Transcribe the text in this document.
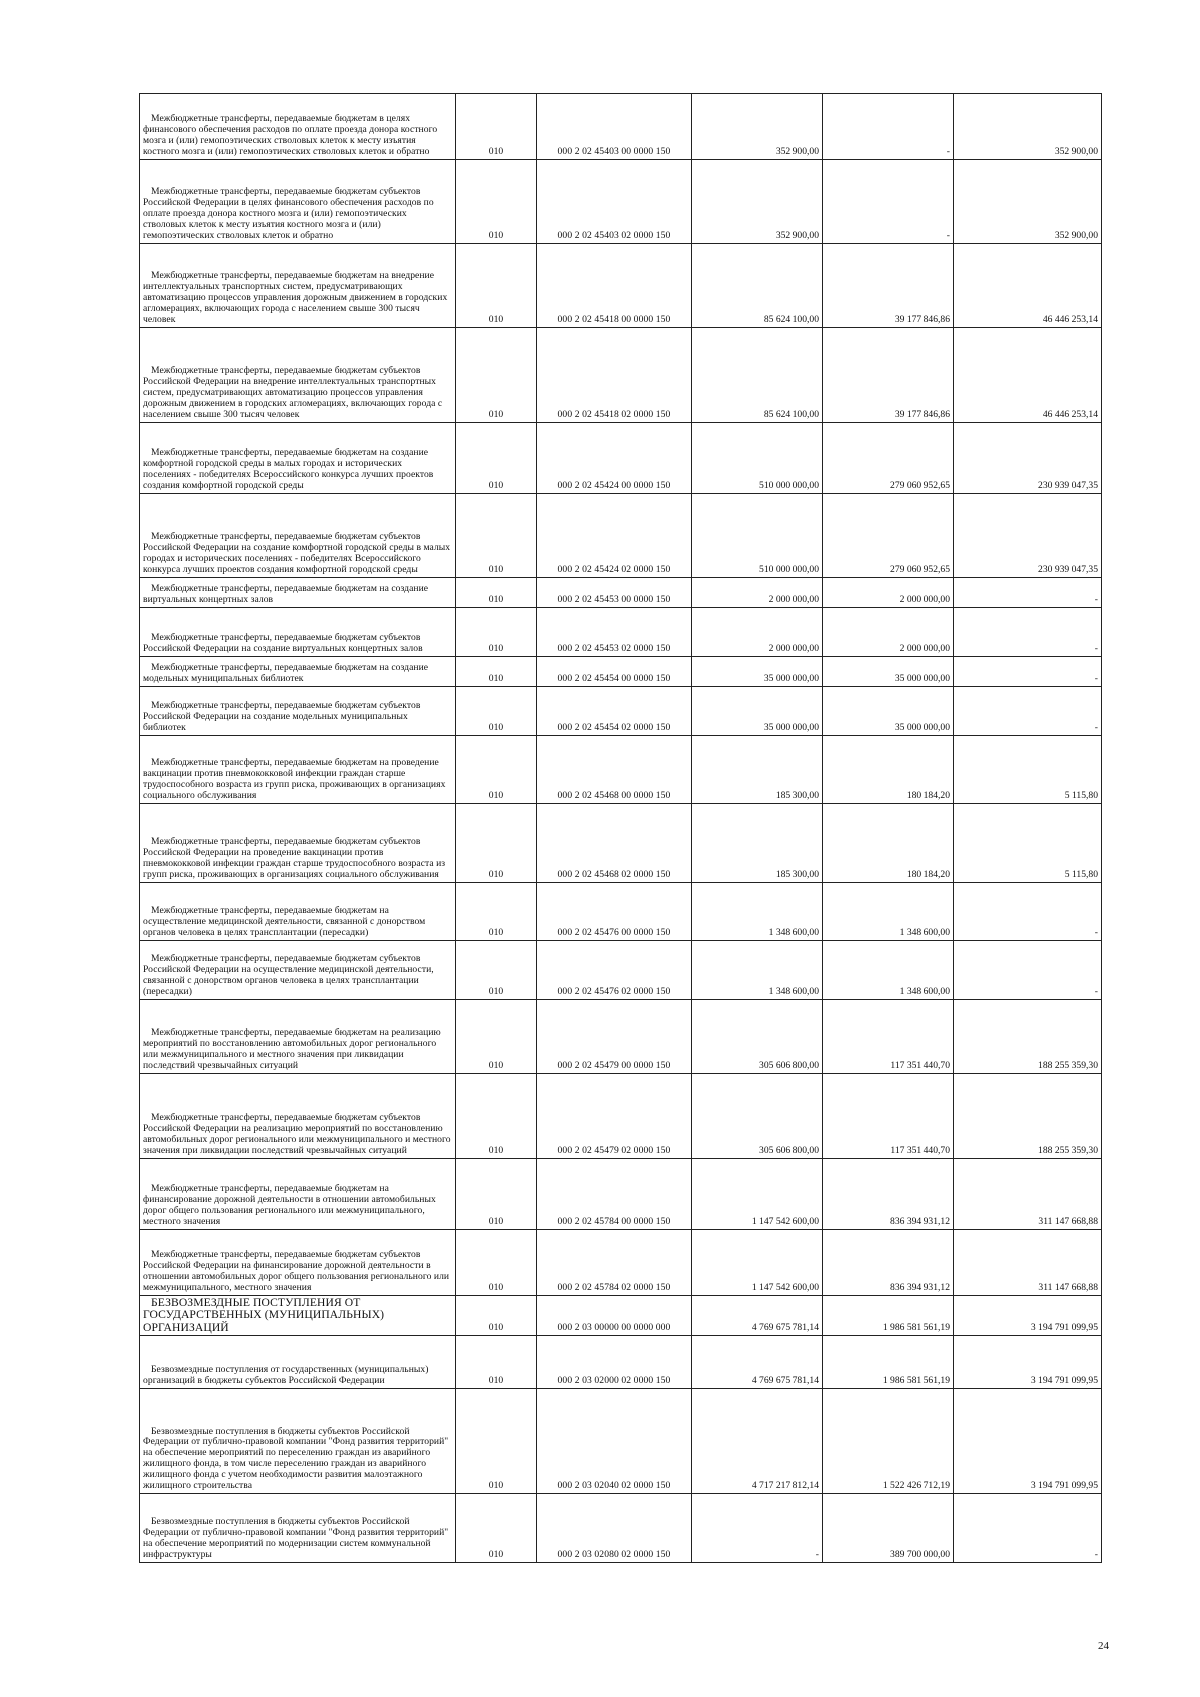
Межбюджетные трансферты, передаваемые бюджетам в целях финансового обеспечения расходов по оплате проезда донора костного мозга и (или) гемопоэтических стволовых клеток к месту изъятия костного мозга и (или) гемопоэтических стволовых клеток и обратно	010	000 2 02 45403 00 0000 150	352 900,00	-	352 900,00
Межбюджетные трансферты, передаваемые бюджетам субъектов Российской Федерации в целях финансового обеспечения расходов по оплате проезда донора костного мозга и (или) гемопоэтических стволовых клеток к месту изъятия костного мозга и (или) гемопоэтических стволовых клеток и обратно	010	000 2 02 45403 02 0000 150	352 900,00	-	352 900,00
Межбюджетные трансферты, передаваемые бюджетам на внедрение интеллектуальных транспортных систем, предусматривающих автоматизацию процессов управления дорожным движением в городских агломерациях, включающих города с населением свыше 300 тысяч человек	010	000 2 02 45418 00 0000 150	85 624 100,00	39 177 846,86	46 446 253,14
Межбюджетные трансферты, передаваемые бюджетам субъектов Российской Федерации на внедрение интеллектуальных транспортных систем, предусматривающих автоматизацию процессов управления дорожным движением в городских агломерациях, включающих города с населением свыше 300 тысяч человек	010	000 2 02 45418 02 0000 150	85 624 100,00	39 177 846,86	46 446 253,14
Межбюджетные трансферты, передаваемые бюджетам на создание комфортной городской среды в малых городах и исторических поселениях - победителях Всероссийского конкурса лучших проектов создания комфортной городской среды	010	000 2 02 45424 00 0000 150	510 000 000,00	279 060 952,65	230 939 047,35
Межбюджетные трансферты, передаваемые бюджетам субъектов Российской Федерации на создание комфортной городской среды в малых городах и исторических поселениях - победителях Всероссийского конкурса лучших проектов создания комфортной городской среды	010	000 2 02 45424 02 0000 150	510 000 000,00	279 060 952,65	230 939 047,35
Межбюджетные трансферты, передаваемые бюджетам на создание виртуальных концертных залов	010	000 2 02 45453 00 0000 150	2 000 000,00	2 000 000,00	-
Межбюджетные трансферты, передаваемые бюджетам субъектов Российской Федерации на создание виртуальных концертных залов	010	000 2 02 45453 02 0000 150	2 000 000,00	2 000 000,00	-
Межбюджетные трансферты, передаваемые бюджетам на создание модельных муниципальных библиотек	010	000 2 02 45454 00 0000 150	35 000 000,00	35 000 000,00	-
Межбюджетные трансферты, передаваемые бюджетам субъектов Российской Федерации на создание модельных муниципальных библиотек	010	000 2 02 45454 02 0000 150	35 000 000,00	35 000 000,00	-
Межбюджетные трансферты, передаваемые бюджетам на проведение вакцинации против пневмококковой инфекции граждан старше трудоспособного возраста из групп риска, проживающих в организациях социального обслуживания	010	000 2 02 45468 00 0000 150	185 300,00	180 184,20	5 115,80
Межбюджетные трансферты, передаваемые бюджетам субъектов Российской Федерации на проведение вакцинации против пневмококковой инфекции граждан старше трудоспособного возраста из групп риска, проживающих в организациях социального обслуживания	010	000 2 02 45468 02 0000 150	185 300,00	180 184,20	5 115,80
Межбюджетные трансферты, передаваемые бюджетам на осуществление медицинской деятельности, связанной с донорством органов человека в целях трансплантации (пересадки)	010	000 2 02 45476 00 0000 150	1 348 600,00	1 348 600,00	-
Межбюджетные трансферты, передаваемые бюджетам субъектов Российской Федерации на осуществление медицинской деятельности, связанной с донорством органов человека в целях трансплантации (пересадки)	010	000 2 02 45476 02 0000 150	1 348 600,00	1 348 600,00	-
Межбюджетные трансферты, передаваемые бюджетам на реализацию мероприятий по восстановлению автомобильных дорог регионального или межмуниципального и местного значения при ликвидации последствий чрезвычайных ситуаций	010	000 2 02 45479 00 0000 150	305 606 800,00	117 351 440,70	188 255 359,30
Межбюджетные трансферты, передаваемые бюджетам субъектов Российской Федерации на реализацию мероприятий по восстановлению автомобильных дорог регионального или межмуниципального и местного значения при ликвидации последствий чрезвычайных ситуаций	010	000 2 02 45479 02 0000 150	305 606 800,00	117 351 440,70	188 255 359,30
Межбюджетные трансферты, передаваемые бюджетам на финансирование дорожной деятельности в отношении автомобильных дорог общего пользования регионального или межмуниципального, местного значения	010	000 2 02 45784 00 0000 150	1 147 542 600,00	836 394 931,12	311 147 668,88
Межбюджетные трансферты, передаваемые бюджетам субъектов Российской Федерации на финансирование дорожной деятельности в отношении автомобильных дорог общего пользования регионального или межмуниципального, местного значения	010	000 2 02 45784 02 0000 150	1 147 542 600,00	836 394 931,12	311 147 668,88
БЕЗВОЗМЕЗДНЫЕ ПОСТУПЛЕНИЯ ОТ ГОСУДАРСТВЕННЫХ (МУНИЦИПАЛЬНЫХ) ОРГАНИЗАЦИЙ	010	000 2 03 00000 00 0000 000	4 769 675 781,14	1 986 581 561,19	3 194 791 099,95
Безвозмездные поступления от государственных (муниципальных) организаций в бюджеты субъектов Российской Федерации	010	000 2 03 02000 02 0000 150	4 769 675 781,14	1 986 581 561,19	3 194 791 099,95
Безвозмездные поступления в бюджеты субъектов Российской Федерации от публично-правовой компании "Фонд развития территорий" на обеспечение мероприятий по переселению граждан из аварийного жилищного фонда, в том числе переселению граждан из аварийного жилищного фонда с учетом необходимости развития малоэтажного жилищного строительства	010	000 2 03 02040 02 0000 150	4 717 217 812,14	1 522 426 712,19	3 194 791 099,95
Безвозмездные поступления в бюджеты субъектов Российской Федерации от публично-правовой компании "Фонд развития территорий" на обеспечение мероприятий по модернизации систем коммунальной инфраструктуры	010	000 2 03 02080 02 0000 150	-	389 700 000,00	-
24
